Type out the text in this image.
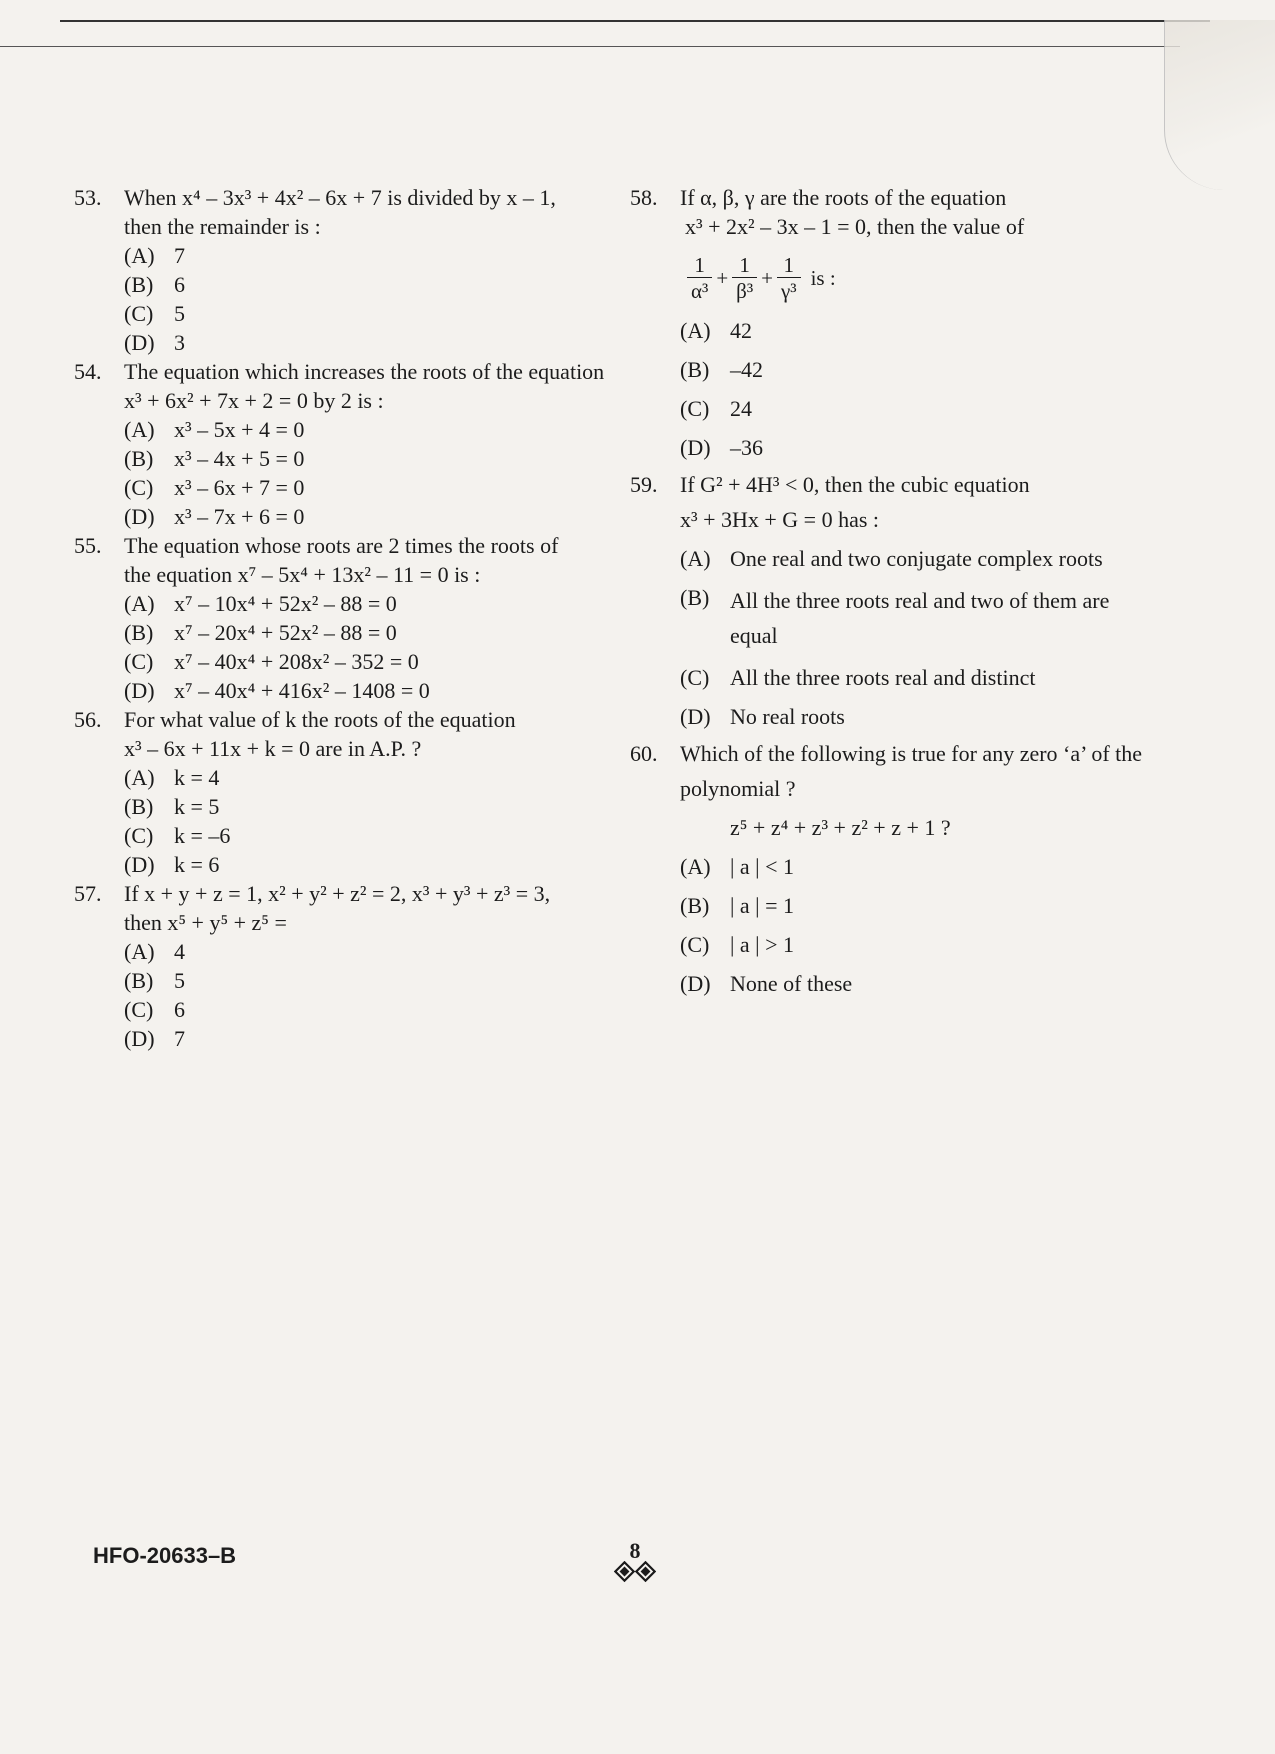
53.	When x⁴ – 3x³ + 4x² – 6x + 7 is divided by x – 1,
then the remainder is :
(A) 7
(B) 6
(C) 5
(D) 3
54.	The equation which increases the roots of the equation
x³ + 6x² + 7x + 2 = 0 by 2 is :
(A) x³ – 5x + 4 = 0
(B) x³ – 4x + 5 = 0
(C) x³ – 6x + 7 = 0
(D) x³ – 7x + 6 = 0
55.	The equation whose roots are 2 times the roots of
the equation x⁷ – 5x⁴ + 13x² – 11 = 0 is :
(A) x⁷ – 10x⁴ + 52x² – 88 = 0
(B) x⁷ – 20x⁴ + 52x² – 88 = 0
(C) x⁷ – 40x⁴ + 208x² – 352 = 0
(D) x⁷ – 40x⁴ + 416x² – 1408 = 0
56.	For what value of k the roots of the equation
x³ – 6x + 11x + k = 0 are in A.P. ?
(A) k = 4
(B) k = 5
(C) k = –6
(D) k = 6
57.	If x + y + z = 1, x² + y² + z² = 2, x³ + y³ + z³ = 3,
then x⁵ + y⁵ + z⁵ =
(A) 4
(B) 5
(C) 6
(D) 7
58.	If α, β, γ are the roots of the equation
x³ + 2x² – 3x – 1 = 0, then the value of
$\frac{1}{\text{α³}} + \frac{1}{\text{β³}} + \frac{1}{\text{γ³}}$ is :
(A) 42
(B) –42
(C) 24
(D) –36
59.	If G² + 4H³ < 0, then the cubic equation
x³ + 3Hx + G = 0 has :
(A) One real and two conjugate complex roots
(B) All the three roots real and two of them are equal
(C) All the three roots real and distinct
(D) No real roots
60.	Which of the following is true for any zero ‘a’ of the
polynomial ?
z⁵ + z⁴ + z³ + z² + z + 1 ?
(A) | a | < 1
(B) | a | = 1
(C) | a | > 1
(D) None of these
HFO-20633–B	8
